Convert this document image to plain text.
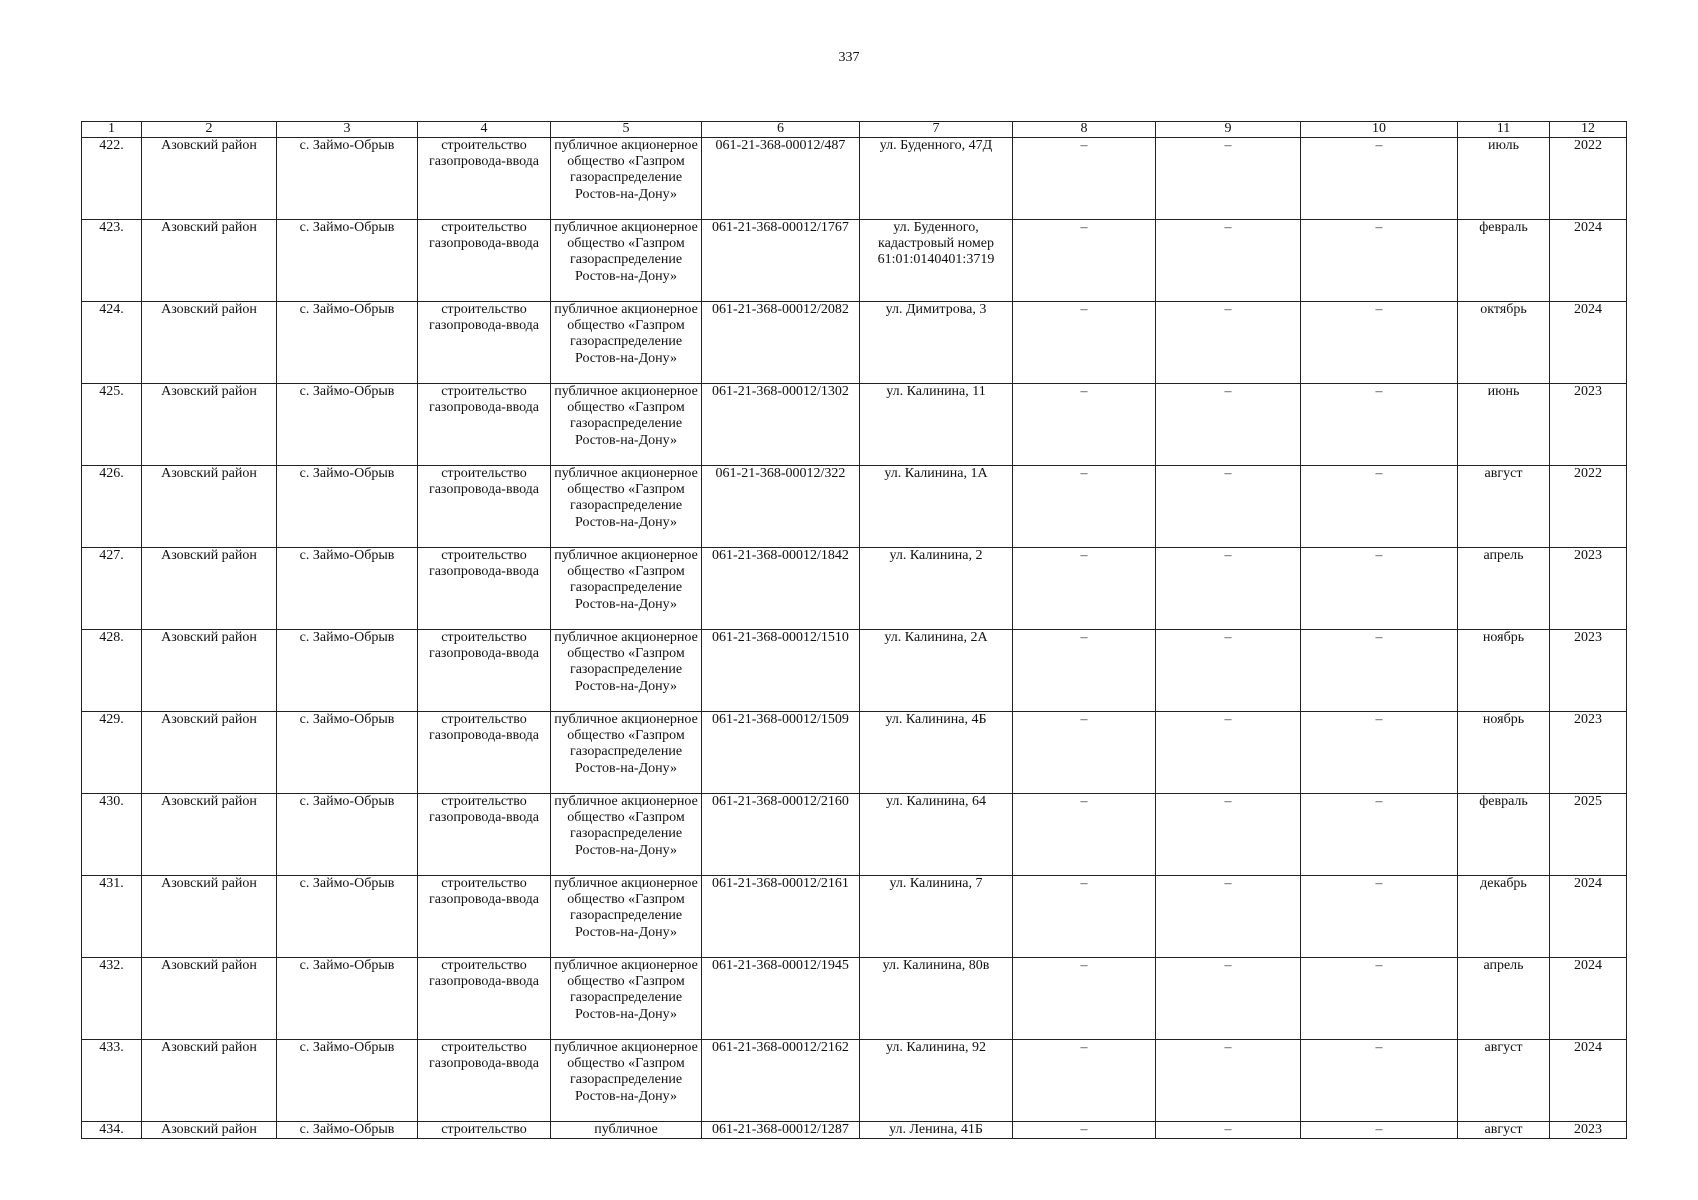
337
1	2	3	4	5	6	7	8	9	10	11	12

422.	Азовский район	с. Займо-Обрыв	строительство газопровода-ввода	публичное акционерное общество «Газпром газораспределение Ростов-на-Дону»	061-21-368-00012/487	ул. Буденного, 47Д	–	–	–	июль	2022

423.	Азовский район	с. Займо-Обрыв	строительство газопровода-ввода	публичное акционерное общество «Газпром газораспределение Ростов-на-Дону»	061-21-368-00012/1767	ул. Буденного, кадастровый номер 61:01:0140401:3719	–	–	–	февраль	2024

424.	Азовский район	с. Займо-Обрыв	строительство газопровода-ввода	публичное акционерное общество «Газпром газораспределение Ростов-на-Дону»	061-21-368-00012/2082	ул. Димитрова, 3	–	–	–	октябрь	2024

425.	Азовский район	с. Займо-Обрыв	строительство газопровода-ввода	публичное акционерное общество «Газпром газораспределение Ростов-на-Дону»	061-21-368-00012/1302	ул. Калинина, 11	–	–	–	июнь	2023

426.	Азовский район	с. Займо-Обрыв	строительство газопровода-ввода	публичное акционерное общество «Газпром газораспределение Ростов-на-Дону»	061-21-368-00012/322	ул. Калинина, 1А	–	–	–	август	2022

427.	Азовский район	с. Займо-Обрыв	строительство газопровода-ввода	публичное акционерное общество «Газпром газораспределение Ростов-на-Дону»	061-21-368-00012/1842	ул. Калинина, 2	–	–	–	апрель	2023

428.	Азовский район	с. Займо-Обрыв	строительство газопровода-ввода	публичное акционерное общество «Газпром газораспределение Ростов-на-Дону»	061-21-368-00012/1510	ул. Калинина, 2А	–	–	–	ноябрь	2023

429.	Азовский район	с. Займо-Обрыв	строительство газопровода-ввода	публичное акционерное общество «Газпром газораспределение Ростов-на-Дону»	061-21-368-00012/1509	ул. Калинина, 4Б	–	–	–	ноябрь	2023

430.	Азовский район	с. Займо-Обрыв	строительство газопровода-ввода	публичное акционерное общество «Газпром газораспределение Ростов-на-Дону»	061-21-368-00012/2160	ул. Калинина, 64	–	–	–	февраль	2025

431.	Азовский район	с. Займо-Обрыв	строительство газопровода-ввода	публичное акционерное общество «Газпром газораспределение Ростов-на-Дону»	061-21-368-00012/2161	ул. Калинина, 7	–	–	–	декабрь	2024

432.	Азовский район	с. Займо-Обрыв	строительство газопровода-ввода	публичное акционерное общество «Газпром газораспределение Ростов-на-Дону»	061-21-368-00012/1945	ул. Калинина, 80в	–	–	–	апрель	2024

433.	Азовский район	с. Займо-Обрыв	строительство газопровода-ввода	публичное акционерное общество «Газпром газораспределение Ростов-на-Дону»	061-21-368-00012/2162	ул. Калинина, 92	–	–	–	август	2024

434.	Азовский район	с. Займо-Обрыв	строительство	публичное	061-21-368-00012/1287	ул. Ленина, 41Б	–	–	–	август	2023
